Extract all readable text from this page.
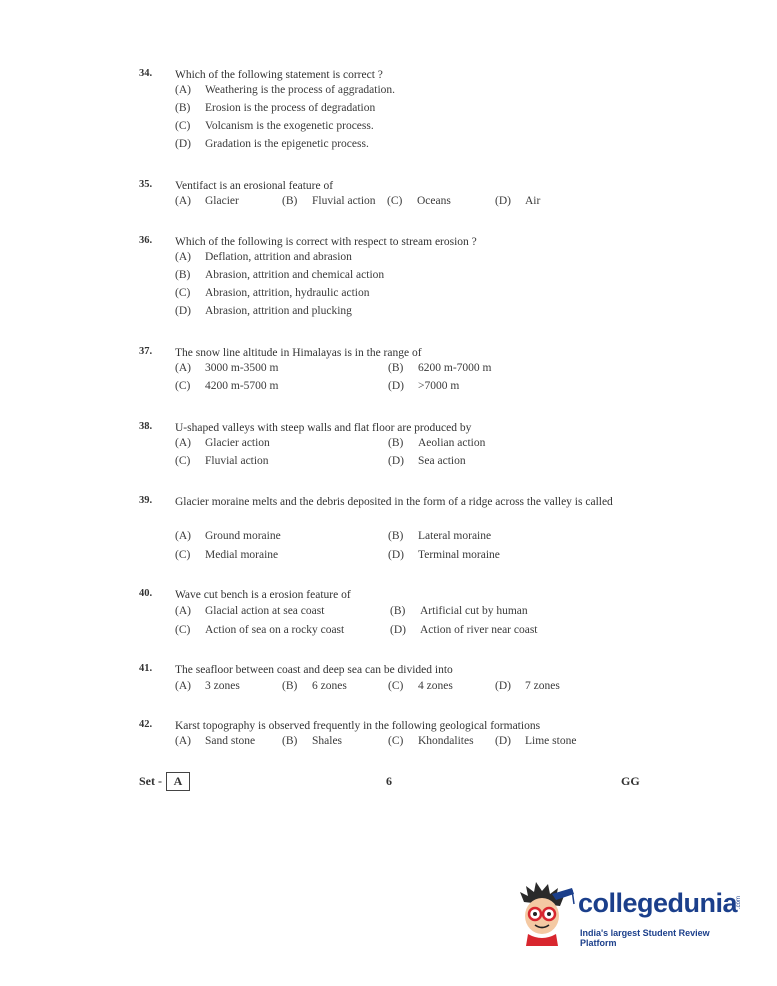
34. Which of the following statement is correct ?
(A) Weathering is the process of aggradation.
(B) Erosion is the process of degradation
(C) Volcanism is the exogenetic process.
(D) Gradation is the epigenetic process.
35. Ventifact is an erosional feature of
(A) Glacier	(B) Fluvial action (C) Oceans	(D) Air
36. Which of the following is correct with respect to stream erosion ?
(A) Deflation, attrition and abrasion
(B) Abrasion, attrition and chemical action
(C) Abrasion, attrition, hydraulic action
(D) Abrasion, attrition and plucking
37. The snow line altitude in Himalayas is in the range of
(A) 3000 m-3500 m	(B) 6200 m-7000 m
(C) 4200 m-5700 m	(D) >7000 m
38. U-shaped valleys with steep walls and flat floor are produced by
(A) Glacier action	(B) Aeolian action
(C) Fluvial action	(D) Sea action
39. Glacier moraine melts and the debris deposited in the form of a ridge across the valley is called
(A) Ground moraine	(B) Lateral moraine
(C) Medial moraine	(D) Terminal moraine
40. Wave cut bench is a erosion feature of
(A) Glacial action at sea coast	(B) Artificial cut by human
(C) Action of sea on a rocky coast	(D) Action of river near coast
41. The seafloor between coast and deep sea can be divided into
(A) 3 zones	(B) 6 zones	(C) 4 zones	(D) 7 zones
42. Karst topography is observed frequently in the following geological formations
(A) Sand stone (B) Shales	(C) Khondalites (D) Lime stone
Set - A	6	GG
collegedunia
.com
India's largest Student Review Platform
